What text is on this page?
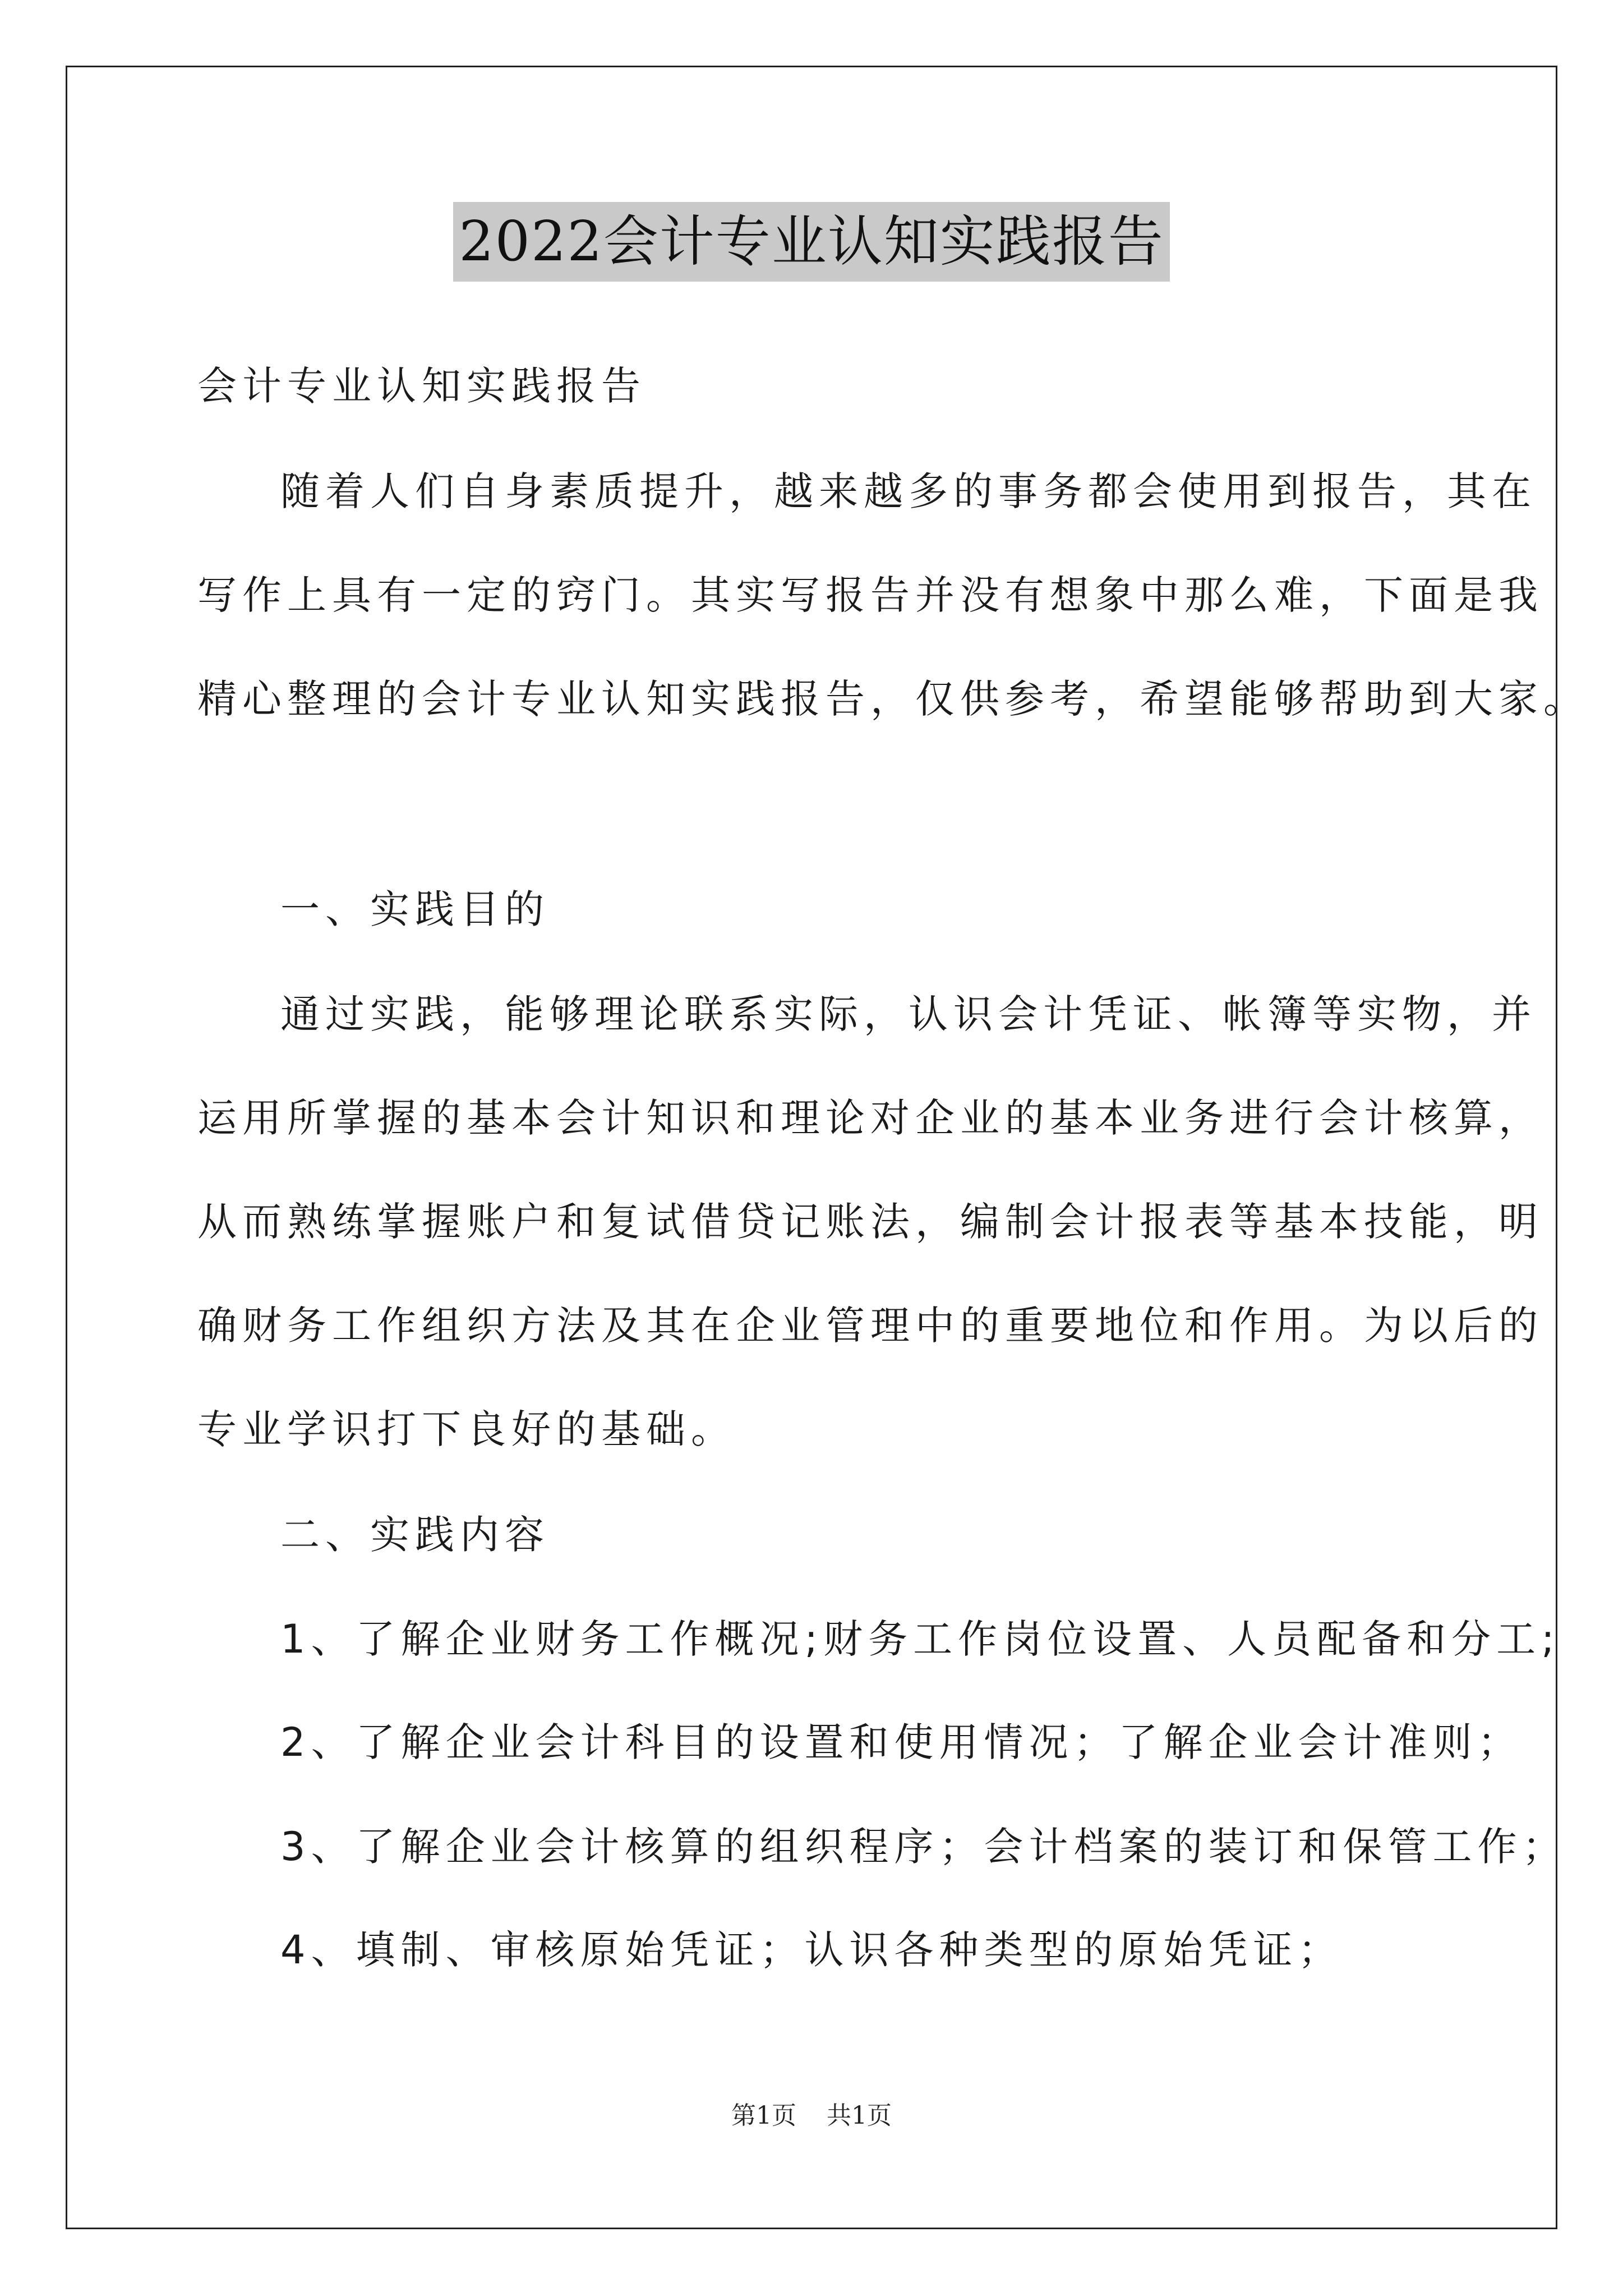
2022会计专业认知实践报告
会计专业认知实践报告
随着人们自身素质提升，越来越多的事务都会使用到报告，其在
写作上具有一定的窍门。其实写报告并没有想象中那么难，下面是我
精心整理的会计专业认知实践报告，仅供参考，希望能够帮助到大家。
一、实践目的
通过实践，能够理论联系实际，认识会计凭证、帐簿等实物，并
运用所掌握的基本会计知识和理论对企业的基本业务进行会计核算，
从而熟练掌握账户和复试借贷记账法，编制会计报表等基本技能，明
确财务工作组织方法及其在企业管理中的重要地位和作用。为以后的
专业学识打下良好的基础。
二、实践内容
1、了解企业财务工作概况;财务工作岗位设置、人员配备和分工;
2、了解企业会计科目的设置和使用情况；了解企业会计准则；
3、了解企业会计核算的组织程序；会计档案的装订和保管工作；
4、填制、审核原始凭证；认识各种类型的原始凭证；
第1页 共1页
